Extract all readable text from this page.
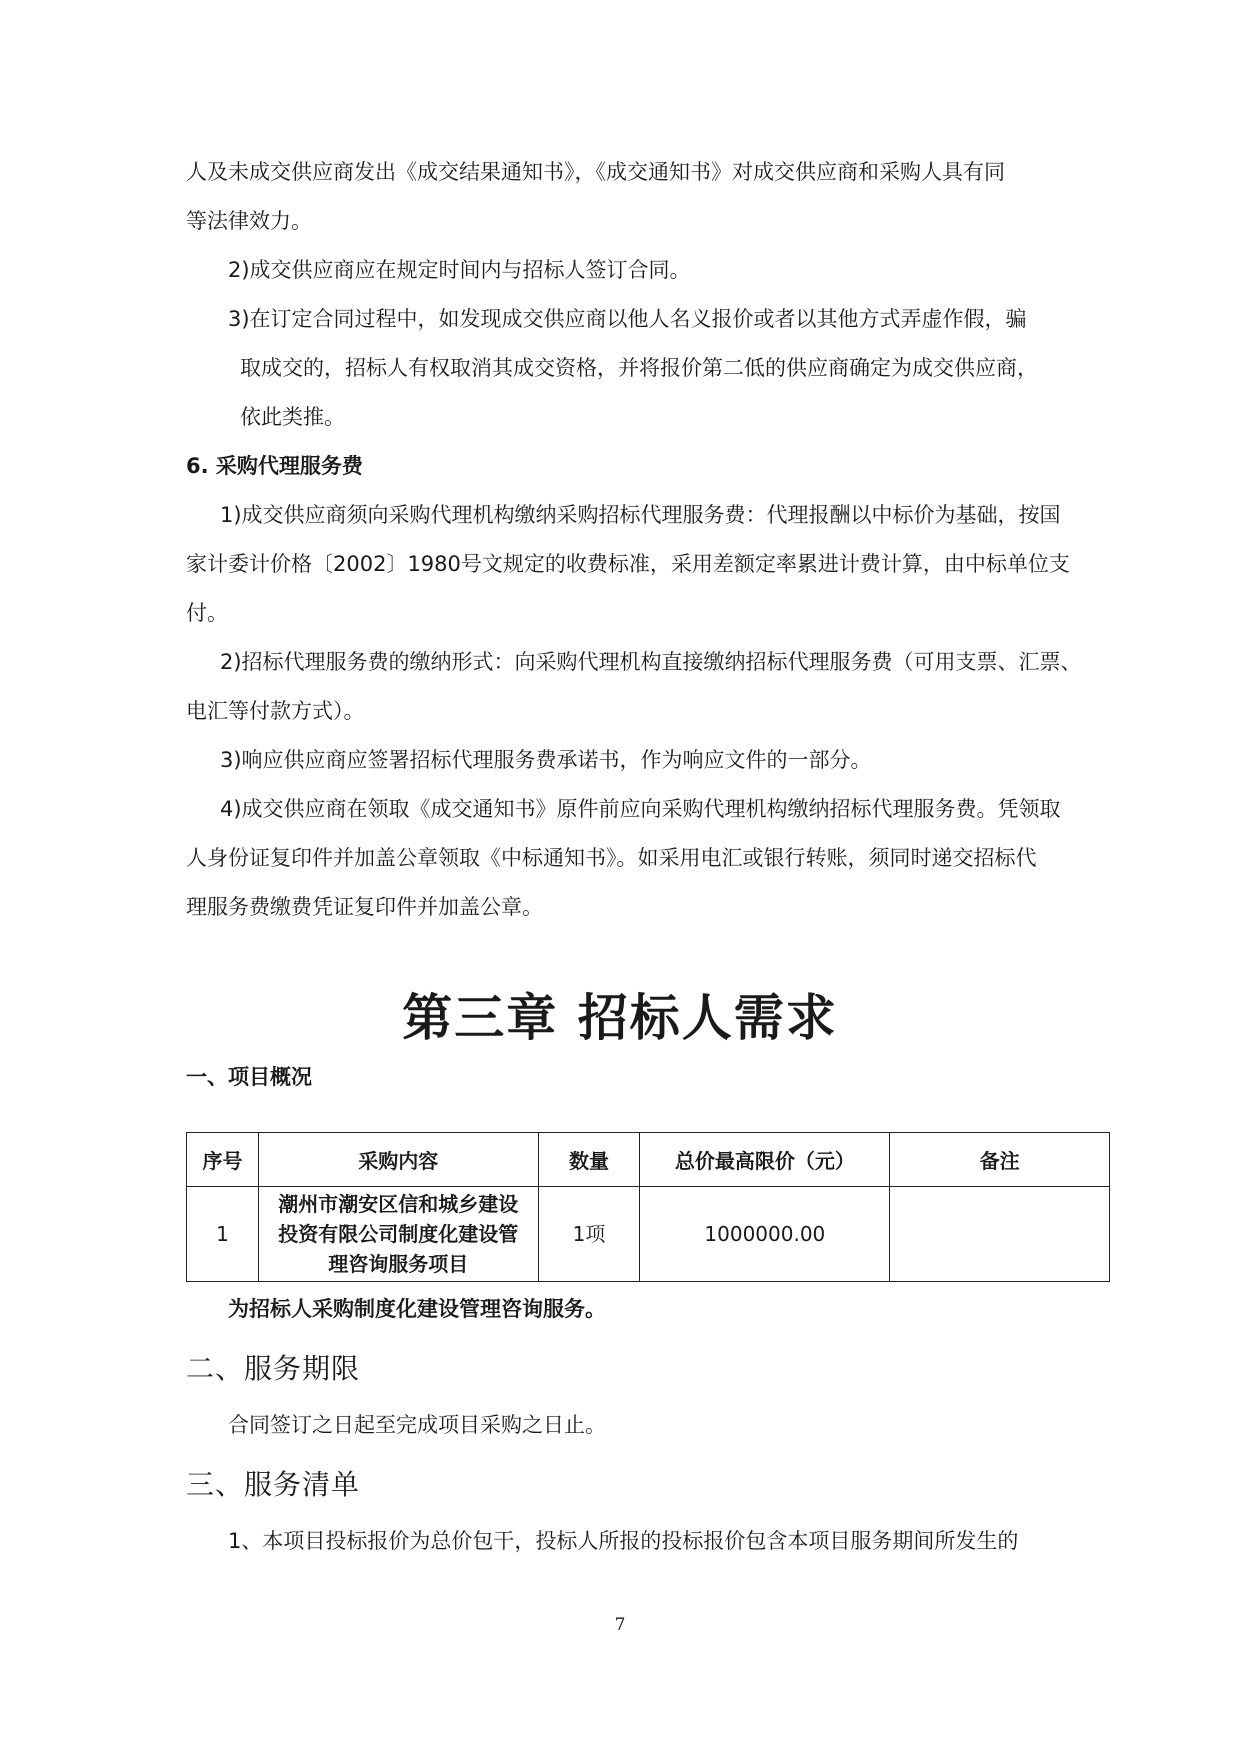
人及未成交供应商发出《成交结果通知书》，《成交通知书》对成交供应商和采购人具有同
等法律效力。
2)成交供应商应在规定时间内与招标人签订合同。
3)在订定合同过程中，如发现成交供应商以他人名义报价或者以其他方式弄虚作假，骗
取成交的，招标人有权取消其成交资格，并将报价第二低的供应商确定为成交供应商，
依此类推。
6. 采购代理服务费
1)成交供应商须向采购代理机构缴纳采购招标代理服务费：代理报酬以中标价为基础，按国
家计委计价格〔2002〕1980号文规定的收费标准，采用差额定率累进计费计算，由中标单位支
付。
2)招标代理服务费的缴纳形式：向采购代理机构直接缴纳招标代理服务费（可用支票、汇票、
电汇等付款方式）。
3)响应供应商应签署招标代理服务费承诺书，作为响应文件的一部分。
4)成交供应商在领取《成交通知书》原件前应向采购代理机构缴纳招标代理服务费。凭领取
人身份证复印件并加盖公章领取《中标通知书》。如采用电汇或银行转账，须同时递交招标代
理服务费缴费凭证复印件并加盖公章。
第三章 招标人需求
一、项目概况
序号	采购内容	数量	总价最高限价（元）	备注
1	潮州市潮安区信和城乡建设
投资有限公司制度化建设管
理咨询服务项目	1项	1000000.00	
为招标人采购制度化建设管理咨询服务。
二、服务期限
合同签订之日起至完成项目采购之日止。
三、服务清单
1、本项目投标报价为总价包干，投标人所报的投标报价包含本项目服务期间所发生的
7
